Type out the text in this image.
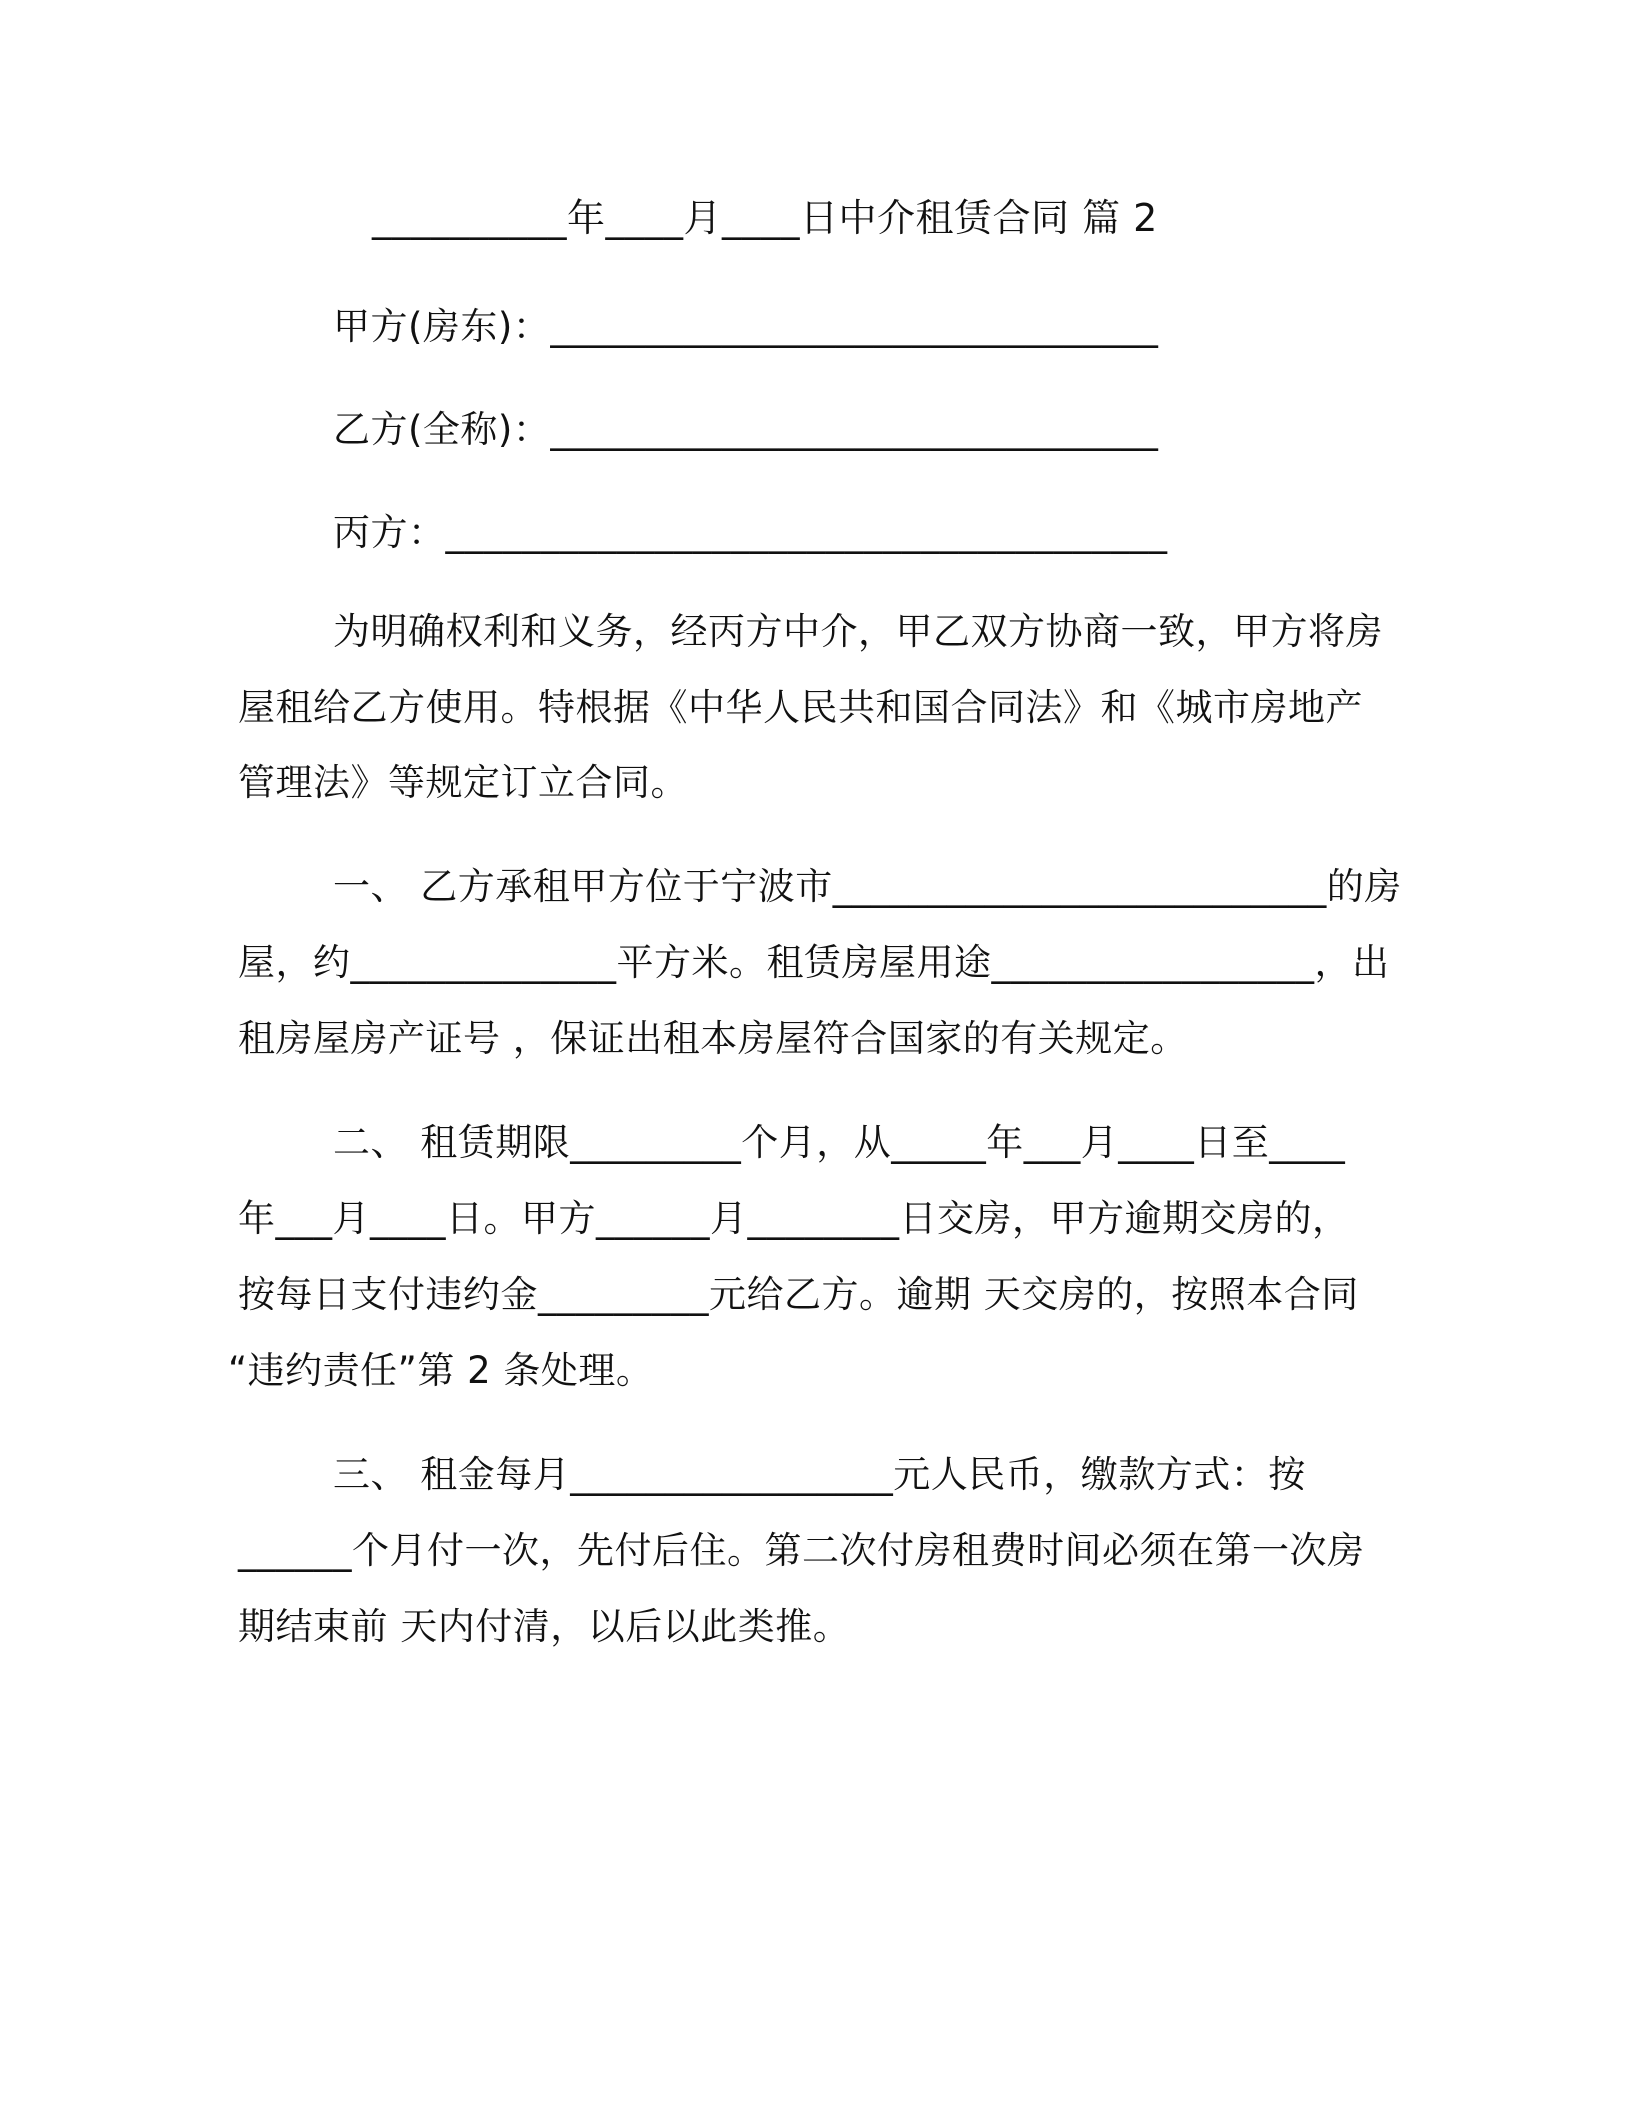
__________年____月____日中介租赁合同 篇 2
甲方(房东)：________________________________
乙方(全称)：________________________________
丙方：______________________________________
为明确权利和义务，经丙方中介，甲乙双方协商一致，甲方将房
屋租给乙方使用。特根据《中华人民共和国合同法》和《城市房地产
管理法》等规定订立合同。
一、 乙方承租甲方位于宁波市__________________________的房
屋，约______________平方米。租赁房屋用途_________________，出
租房屋房产证号 ，保证出租本房屋符合国家的有关规定。
二、 租赁期限_________个月，从_____年___月____日至____
年___月____日。甲方______月________日交房，甲方逾期交房的，
按每日支付违约金_________元给乙方。逾期 天交房的，按照本合同
“违约责任”第 2 条处理。
三、 租金每月_________________元人民币，缴款方式：按
______个月付一次，先付后住。第二次付房租费时间必须在第一次房
期结束前 天内付清，以后以此类推。
